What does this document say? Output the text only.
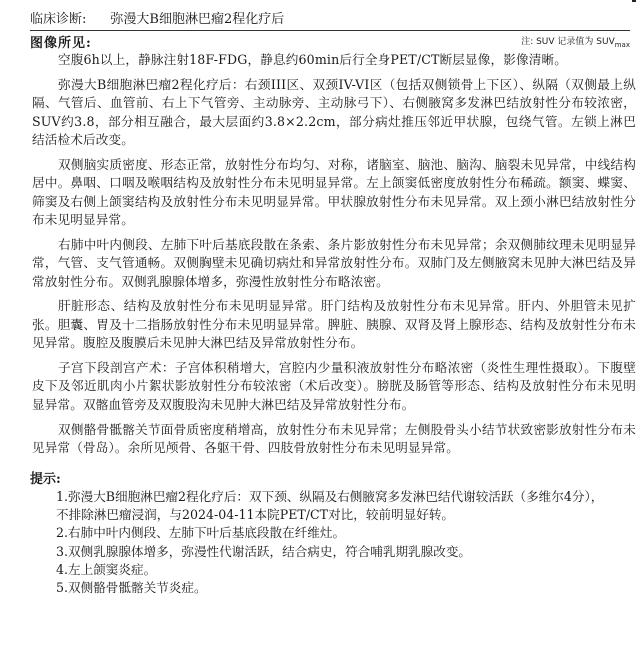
临床诊断: 弥漫大B细胞淋巴瘤2程化疗后
图像所见:	注: SUV 记录值为 $SUV_{max}$

空腹6h以上，静脉注射18F-FDG，静息约60min后行全身PET/CT断层显像，影像清晰。

弥漫大B细胞淋巴瘤2程化疗后：右颈III区、双颈IV-VI区（包括双侧锁骨上下区）、纵隔（双侧最上纵隔、气管后、血管前、右上下气管旁、主动脉旁、主动脉弓下）、右侧腋窝多发淋巴结放射性分布较浓密，SUV约3.8，部分相互融合，最大层面约3.8×2.2cm，部分病灶推压邻近甲状腺，包绕气管。左锁上淋巴结活检术后改变。

双侧脑实质密度、形态正常，放射性分布均匀、对称，诸脑室、脑池、脑沟、脑裂未见异常，中线结构居中。鼻咽、口咽及喉咽结构及放射性分布未见明显异常。左上颌窦低密度放射性分布稀疏。额窦、蝶窦、筛窦及右侧上颌窦结构及放射性分布未见明显异常。甲状腺放射性分布未见异常。双上颈小淋巴结放射性分布未见明显异常。

右肺中叶内侧段、左肺下叶后基底段散在条索、条片影放射性分布未见异常；余双侧肺纹理未见明显异常，气管、支气管通畅。双侧胸壁未见确切病灶和异常放射性分布。双肺门及左侧腋窝未见肿大淋巴结及异常放射性分布。双侧乳腺腺体增多，弥漫性放射性分布略浓密。

肝脏形态、结构及放射性分布未见明显异常。肝门结构及放射性分布未见异常。肝内、外胆管未见扩张。胆囊、胃及十二指肠放射性分布未见明显异常。脾脏、胰腺、双肾及肾上腺形态、结构及放射性分布未见异常。腹腔及腹膜后未见肿大淋巴结及异常放射性分布。

子宫下段剖宫产术：子宫体积稍增大，宫腔内少量积液放射性分布略浓密（炎性生理性摄取）。下腹壁皮下及邻近肌肉小片絮状影放射性分布较浓密（术后改变）。膀胱及肠管等形态、结构及放射性分布未见明显异常。双髂血管旁及双腹股沟未见肿大淋巴结及异常放射性分布。

双侧骼骨骶髂关节面骨质密度稍增高，放射性分布未见异常；左侧股骨头小结节状致密影放射性分布未见异常（骨岛）。余所见颅骨、各躯干骨、四肢骨放射性分布未见明显异常。

提示:
1.弥漫大B细胞淋巴瘤2程化疗后：双下颈、纵隔及右侧腋窝多发淋巴结代谢较活跃（多维尔4分），
不排除淋巴瘤浸润，与2024-04-11本院PET/CT对比，较前明显好转。
2.右肺中叶内侧段、左肺下叶后基底段散在纤维灶。
3.双侧乳腺腺体增多，弥漫性代谢活跃，结合病史，符合哺乳期乳腺改变。
4.左上颌窦炎症。
5.双侧骼骨骶髂关节炎症。
